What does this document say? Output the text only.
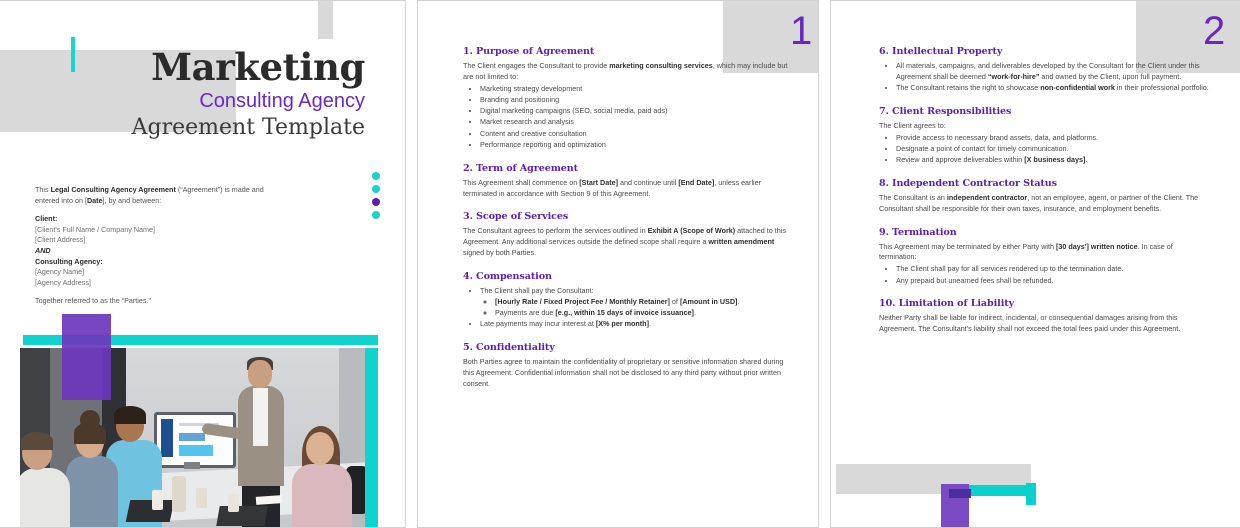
Marketing
Consulting Agency
Agreement Template

This Legal Consulting Agency Agreement (“Agreement”) is made and entered into on [Date], by and between:

Client:

[Client's Full Name / Company Name]

[Client Address]

AND

Consulting Agency:

[Agency Name]

[Agency Address]

Together referred to as the “Parties.”

1
1. Purpose of Agreement

The Client engages the Consultant to provide marketing consulting services, which may include but are not limited to:

• Marketing strategy development
• Branding and positioning
• Digital marketing campaigns (SEO, social media, paid ads)
• Market research and analysis
• Content and creative consultation
• Performance reporting and optimization
2. Term of Agreement

This Agreement shall commence on [Start Date] and continue until [End Date], unless earlier terminated in accordance with Section 9 of this Agreement.

3. Scope of Services

The Consultant agrees to perform the services outlined in Exhibit A (Scope of Work) attached to this Agreement. Any additional services outside the defined scope shall require a written amendment signed by both Parties.

4. Compensation
• The Client shall pay the Consultant:
◦ [Hourly Rate / Fixed Project Fee / Monthly Retainer] of [Amount in USD].
◦ Payments are due [e.g., within 15 days of invoice issuance].
• Late payments may incur interest at [X% per month].
5. Confidentiality

Both Parties agree to maintain the confidentiality of proprietary or sensitive information shared during this Agreement. Confidential information shall not be disclosed to any third party without prior written consent.

2
6. Intellectual Property
• All materials, campaigns, and deliverables developed by the Consultant for the Client under this Agreement shall be deemed “work-for-hire” and owned by the Client, upon full payment.
• The Consultant retains the right to showcase non-confidential work in their professional portfolio.
7. Client Responsibilities

The Client agrees to:

• Provide access to necessary brand assets, data, and platforms.
• Designate a point of contact for timely communication.
• Review and approve deliverables within [X business days].
8. Independent Contractor Status

The Consultant is an independent contractor, not an employee, agent, or partner of the Client. The Consultant shall be responsible for their own taxes, insurance, and employment benefits.

9. Termination

This Agreement may be terminated by either Party with [30 days'] written notice. In case of termination:

• The Client shall pay for all services rendered up to the termination date.
• Any prepaid but unearned fees shall be refunded.
10. Limitation of Liability

Neither Party shall be liable for indirect, incidental, or consequential damages arising from this Agreement. The Consultant's liability shall not exceed the total fees paid under this Agreement.
